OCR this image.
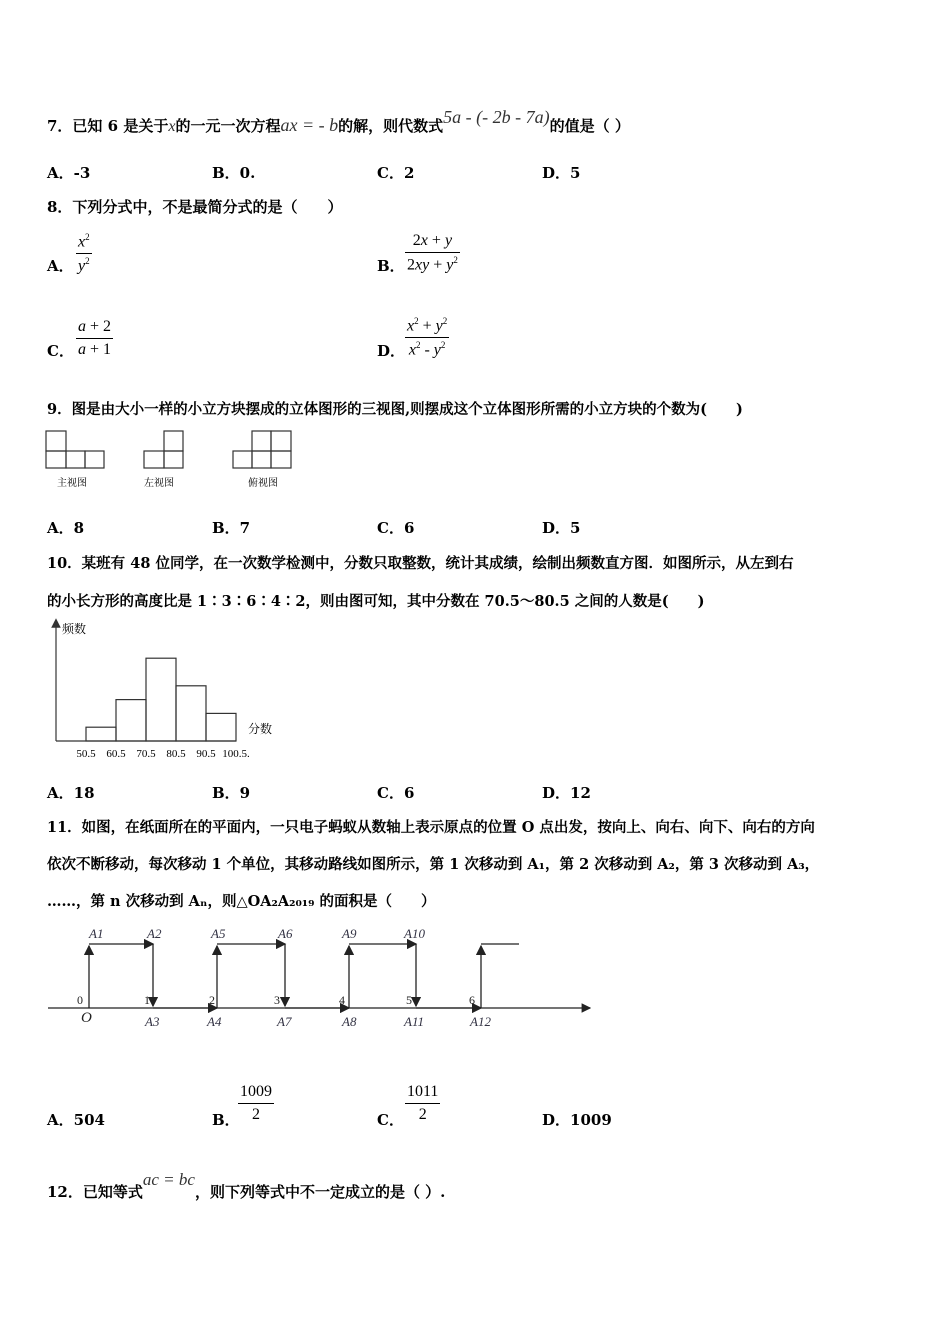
7．已知 6 是关于x的一元一次方程ax = - b的解，则代数式5a - (- 2b - 7a)的值是（ ）
A．-3	B．0.	C．2	D．5
8．下列分式中，不是最简分式的是（　　）
A． $\frac{x^2}{y^2}$	B． $\frac{2x + y}{2xy + y^2}$
C． $\frac{a + 2}{a + 1}$	D． $\frac{x^2 + y^2}{x^2 - y^2}$
9．图是由大小一样的小立方块摆成的立体图形的三视图,则摆成这个立体图形所需的小立方块的个数为(　　)
主视图	左视图	俯视图
A．8	B．7	C．6	D．5
10．某班有 48 位同学，在一次数学检测中，分数只取整数，统计其成绩，绘制出频数直方图．如图所示，从左到右
的小长方形的高度比是 1∶3∶6∶4∶2，则由图可知，其中分数在 70.5～80.5 之间的人数是(　　)
频数
分数
50.5 60.5 70.5 80.5 90.5 100.5.
A．18	B．9	C．6	D．12
11．如图，在纸面所在的平面内，一只电子蚂蚁从数轴上表示原点的位置 O 点出发，按向上、向右、向下、向右的方向
依次不断移动，每次移动 1 个单位，其移动路线如图所示，第 1 次移动到 A₁，第 2 次移动到 A₂，第 3 次移动到 A₃，
……，第 n 次移动到 Aₙ，则△OA₂A₂₀₁₉ 的面积是（　　）
A1	A2	A5	A6	A9	A10
A3	A4	A7	A8	A11	A12
0	1	2	3	4	5	6
O
A．504	B．
$\frac{1009}{2}$	C． $\frac{1011}{2}$	D．1009
12．已知等式ac = bc，则下列等式中不一定成立的是（ ）.
